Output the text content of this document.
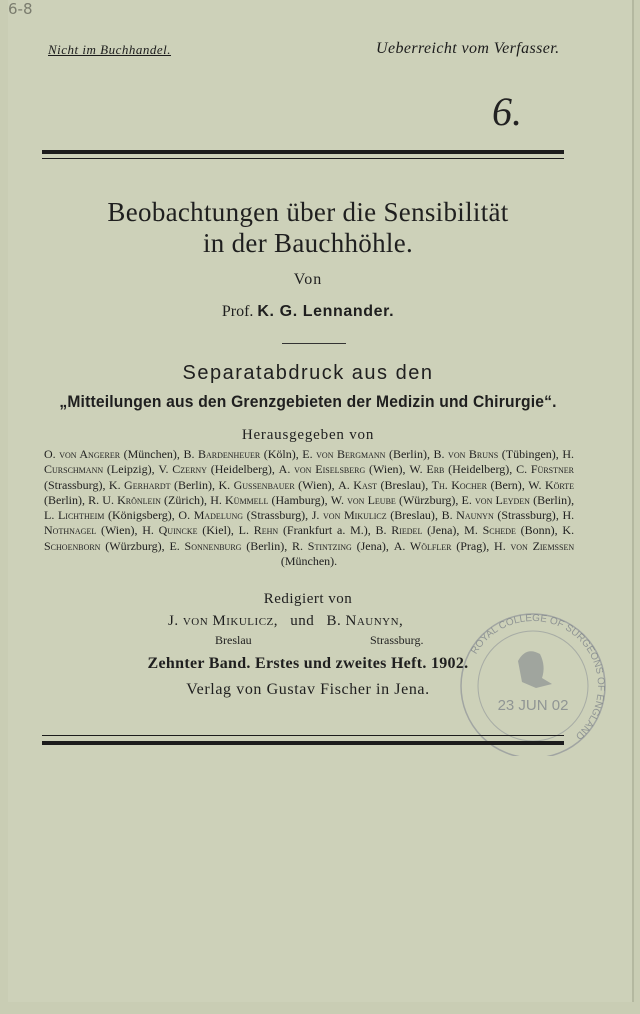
6-8
Nicht im Buchhandel.	Ueberreicht vom Verfasser.
6.
Beobachtungen über die Sensibilität
in der Bauchhöhle.
Von
Prof. K. G. Lennander.
Separatabdruck aus den
„Mitteilungen aus den Grenzgebieten der Medizin und Chirurgie“.
Herausgegeben von
O. von Angerer (München), B. Bardenheuer (Köln), E. von Bergmann (Berlin), B. von Bruns (Tübingen), H. Curschmann (Leipzig), V. Czerny (Heidelberg), A. von Eiselsberg (Wien), W. Erb (Heidelberg), C. Fürstner (Strassburg), K. Gerhardt (Berlin), K. Gussenbauer (Wien), A. Kast (Breslau), Th. Kocher (Bern), W. Körte (Berlin), R. U. Krönlein (Zürich), H. Kümmell (Hamburg), W. von Leube (Würzburg), E. von Leyden (Berlin), L. Lichtheim (Königsberg), O. Madelung (Strassburg), J. von Mikulicz (Breslau), B. Naunyn (Strassburg), H. Nothnagel (Wien), H. Quincke (Kiel), L. Rehn (Frankfurt a. M.), B. Riedel (Jena), M. Schede (Bonn), K. Schoenborn (Würzburg), E. Sonnenburg (Berlin), R. Stintzing (Jena), A. Wölfler (Prag), H. von Ziemssen (München).
Redigiert von
J. von Mikulicz, und B. Naunyn,
Breslau	Strassburg.
Zehnter Band. Erstes und zweites Heft. 1902.
Verlag von Gustav Fischer in Jena.
ROYAL COLLEGE OF SURGEONS OF ENGLAND
23 JUN 02
